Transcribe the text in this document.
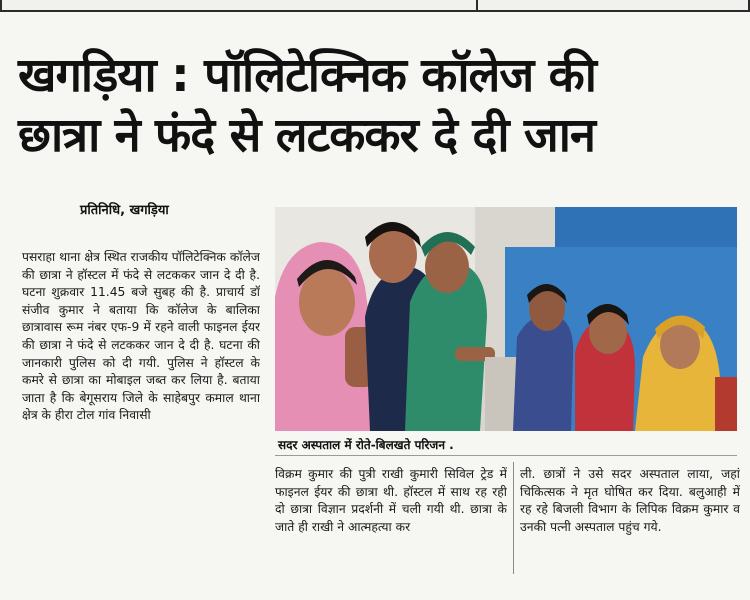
खगड़िया : पॉलिटेक्निक कॉलेज की
छात्रा ने फंदे से लटककर दे दी जान
प्रतिनिधि, खगड़िया
पसराहा थाना क्षेत्र स्थित राजकीय पॉलिटेक्निक कॉलेज की छात्रा ने हॉस्टल में फंदे से लटककर जान दे दी है. घटना शुक्रवार 11.45 बजे सुबह की है. प्राचार्य डॉ संजीव कुमार ने बताया कि कॉलेज के बालिका छात्रावास रूम नंबर एफ-9 में रहने वाली फाइनल ईयर की छात्रा ने फंदे से लटककर जान दे दी है. घटना की जानकारी पुलिस को दी गयी. पुलिस ने हॉस्टल के कमरे से छात्रा का मोबाइल जब्त कर लिया है. बताया जाता है कि बेगूसराय जिले के साहेबपुर कमाल थाना क्षेत्र के हीरा टोल गांव निवासी
सदर अस्पताल में रोते-बिलखते परिजन .
विक्रम कुमार की पुत्री राखी कुमारी सिविल ट्रेड में फाइनल ईयर की छात्रा थी. हॉस्टल में साथ रह रही दो छात्रा विज्ञान प्रदर्शनी में चली गयी थी. छात्रा के जाते ही राखी ने आत्महत्या कर
ली. छात्रों ने उसे सदर अस्पताल लाया, जहां चिकित्सक ने मृत घोषित कर दिया. बलुआही में रह रहे बिजली विभाग के लिपिक विक्रम कुमार व उनकी पत्नी अस्पताल पहुंच गये.
